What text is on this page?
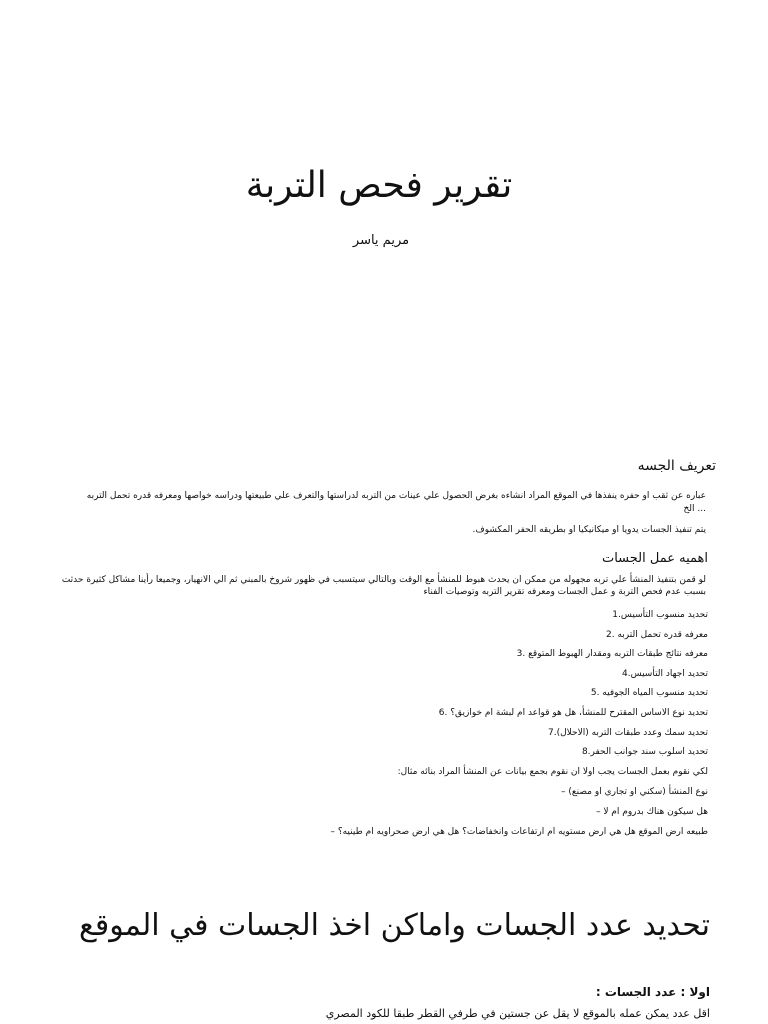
تقرير فحص التربة

مريم ياسر

تعريف الجسه

عباره عن ثقب او حفره ينفذها في الموقع المراد انشاءه بغرض الحصول علي عينات من التربه لدراستها والتعرف علي طبيعتها ودراسه خواصها ومعرفه قدره تحمل التربه ... الخ

يتم تنفيذ الجسات يدويا او ميكانيكيا او بطريقه الحفر المكشوف.

اهميه عمل الجسات

لو قمن بتنفيذ المنشأ علي تربه مجهوله من ممكن ان يحدث هبوط للمنشأ مع الوقت وبالتالي سيتسبب في ظهور شروخ بالمبني ثم الي الانهيار، وجميعا رأينا مشاكل كثيرة حدثت بسبب عدم فحص التربة و عمل الجسات ومعرفه تقرير التربه وتوصيات الفناء

تحديد منسوب التأسيس.1
معرفه قدره تحمل التربه .2
معرفه نتائج طبقات التربه ومقدار الهبوط المتوقع .3
تحديد اجهاد التأسيس.4
تحديد منسوب المياه الجوفيه .5
تحديد نوع الاساس المقترح للمنشأ، هل هو قواعد ام لبشة ام خوازيق؟ .6
تحديد سمك وعدد طبقات التربه (الاحلال).7
تحديد اسلوب سند جوانب الحفر.8
لكي نقوم بعمل الجسات يجب اولا ان نقوم بجمع بيانات عن المنشأ المراد بنائه مثال:
نوع المنشأ (سكني او تجاري او مصنع) –
هل سيكون هناك بدروم ام لا –
طبيعه ارض الموقع هل هي ارض مستويه ام ارتفاعات وانخفاضات؟ هل هي ارض صحراويه ام طينيه؟ –
تحديد عدد الجسات واماكن اخذ الجسات في الموقع
اولا : عدد الجسات :

اقل عدد يمكن عمله بالموقع لا يقل عن جستين في طرفي القطر طبقا للكود المصري
